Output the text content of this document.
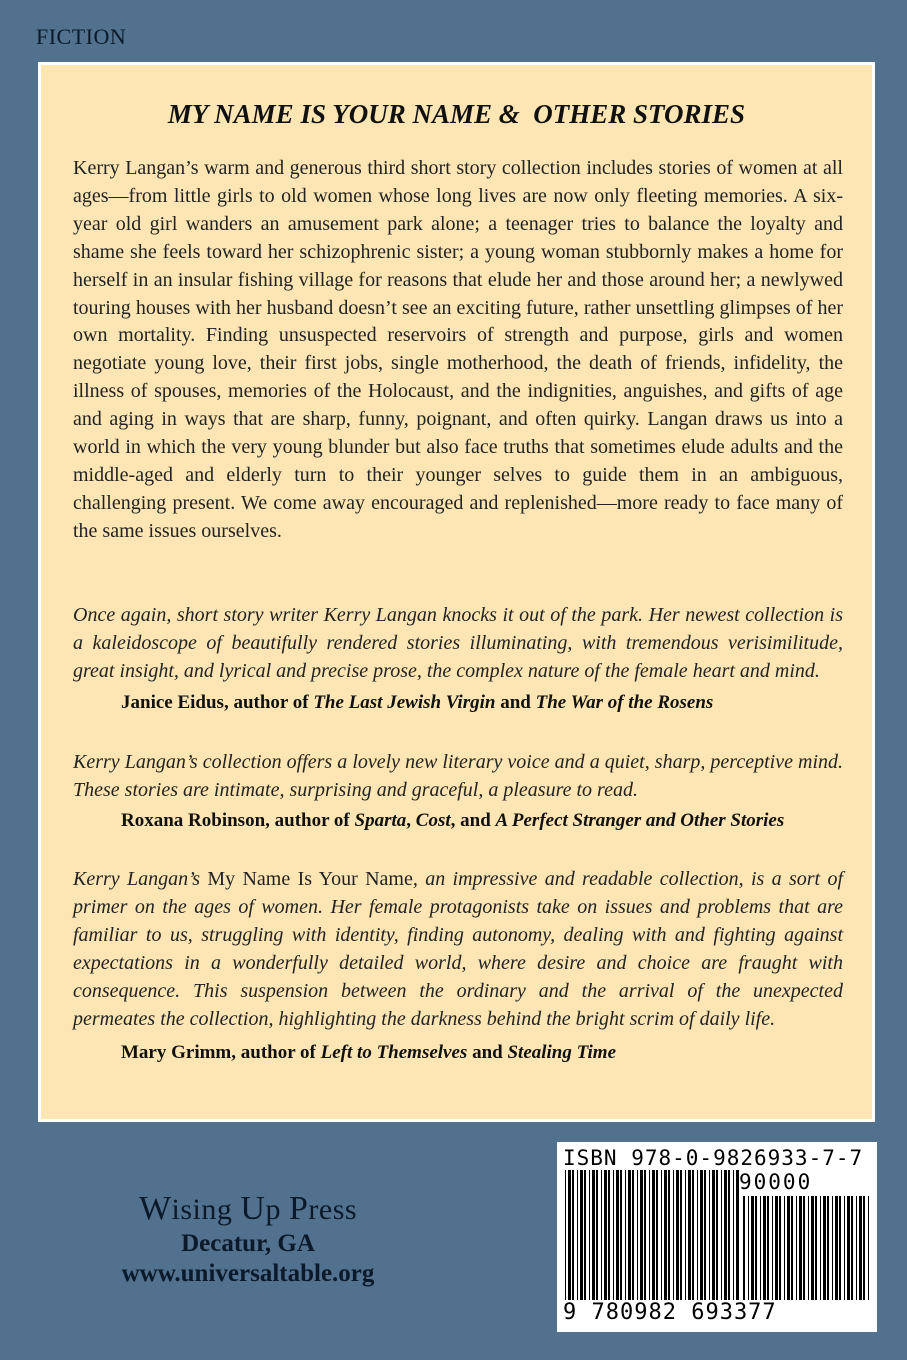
FICTION
MY NAME IS YOUR NAME &  OTHER STORIES

Kerry Langan’s warm and generous third short story collection includes stories of women at all ages—from little girls to old women whose long lives are now only fleeting memories. A six-year old girl wanders an amusement park alone; a teenager tries to balance the loyalty and shame she feels toward her schizophrenic sister; a young woman stubbornly makes a home for herself in an insular fishing village for reasons that elude her and those around her; a newlywed touring houses with her husband doesn’t see an exciting future, rather unsettling glimpses of her own mortality. Finding unsuspected reservoirs of strength and purpose, girls and women negotiate young love, their first jobs, single motherhood, the death of friends, infidelity, the illness of spouses, memories of the Holocaust, and the indignities, anguishes, and gifts of age and aging in ways that are sharp, funny, poignant, and often quirky. Langan draws us into a world in which the very young blunder but also face truths that sometimes elude adults and the middle-aged and elderly turn to their younger selves to guide them in an ambiguous, challenging present. We come away encouraged and replenished—more ready to face many of the same issues ourselves.

Once again, short story writer Kerry Langan knocks it out of the park. Her newest collection is a kaleidoscope of beautifully rendered stories illuminating, with tremendous verisimilitude, great insight, and lyrical and precise prose, the complex nature of the female heart and mind.

Janice Eidus, author of The Last Jewish Virgin and The War of the Rosens

Kerry Langan’s collection offers a lovely new literary voice and a quiet, sharp, perceptive mind. These stories are intimate, surprising and graceful, a pleasure to read.

Roxana Robinson, author of Sparta, Cost, and A Perfect Stranger and Other Stories

Kerry Langan’s My Name Is Your Name, an impressive and readable collection, is a sort of primer on the ages of women. Her female protagonists take on issues and problems that are familiar to us, struggling with identity, finding autonomy, dealing with and fighting against expectations in a wonderfully detailed world, where desire and choice are fraught with consequence. This suspension between the ordinary and the arrival of the unexpected permeates the collection, highlighting the darkness behind the bright scrim of daily life.

Mary Grimm, author of Left to Themselves and Stealing Time
Wising Up Press
Decatur, GA
www.universaltable.org
ISBN 978-0-9826933-7-7
90000
9 780982 693377
